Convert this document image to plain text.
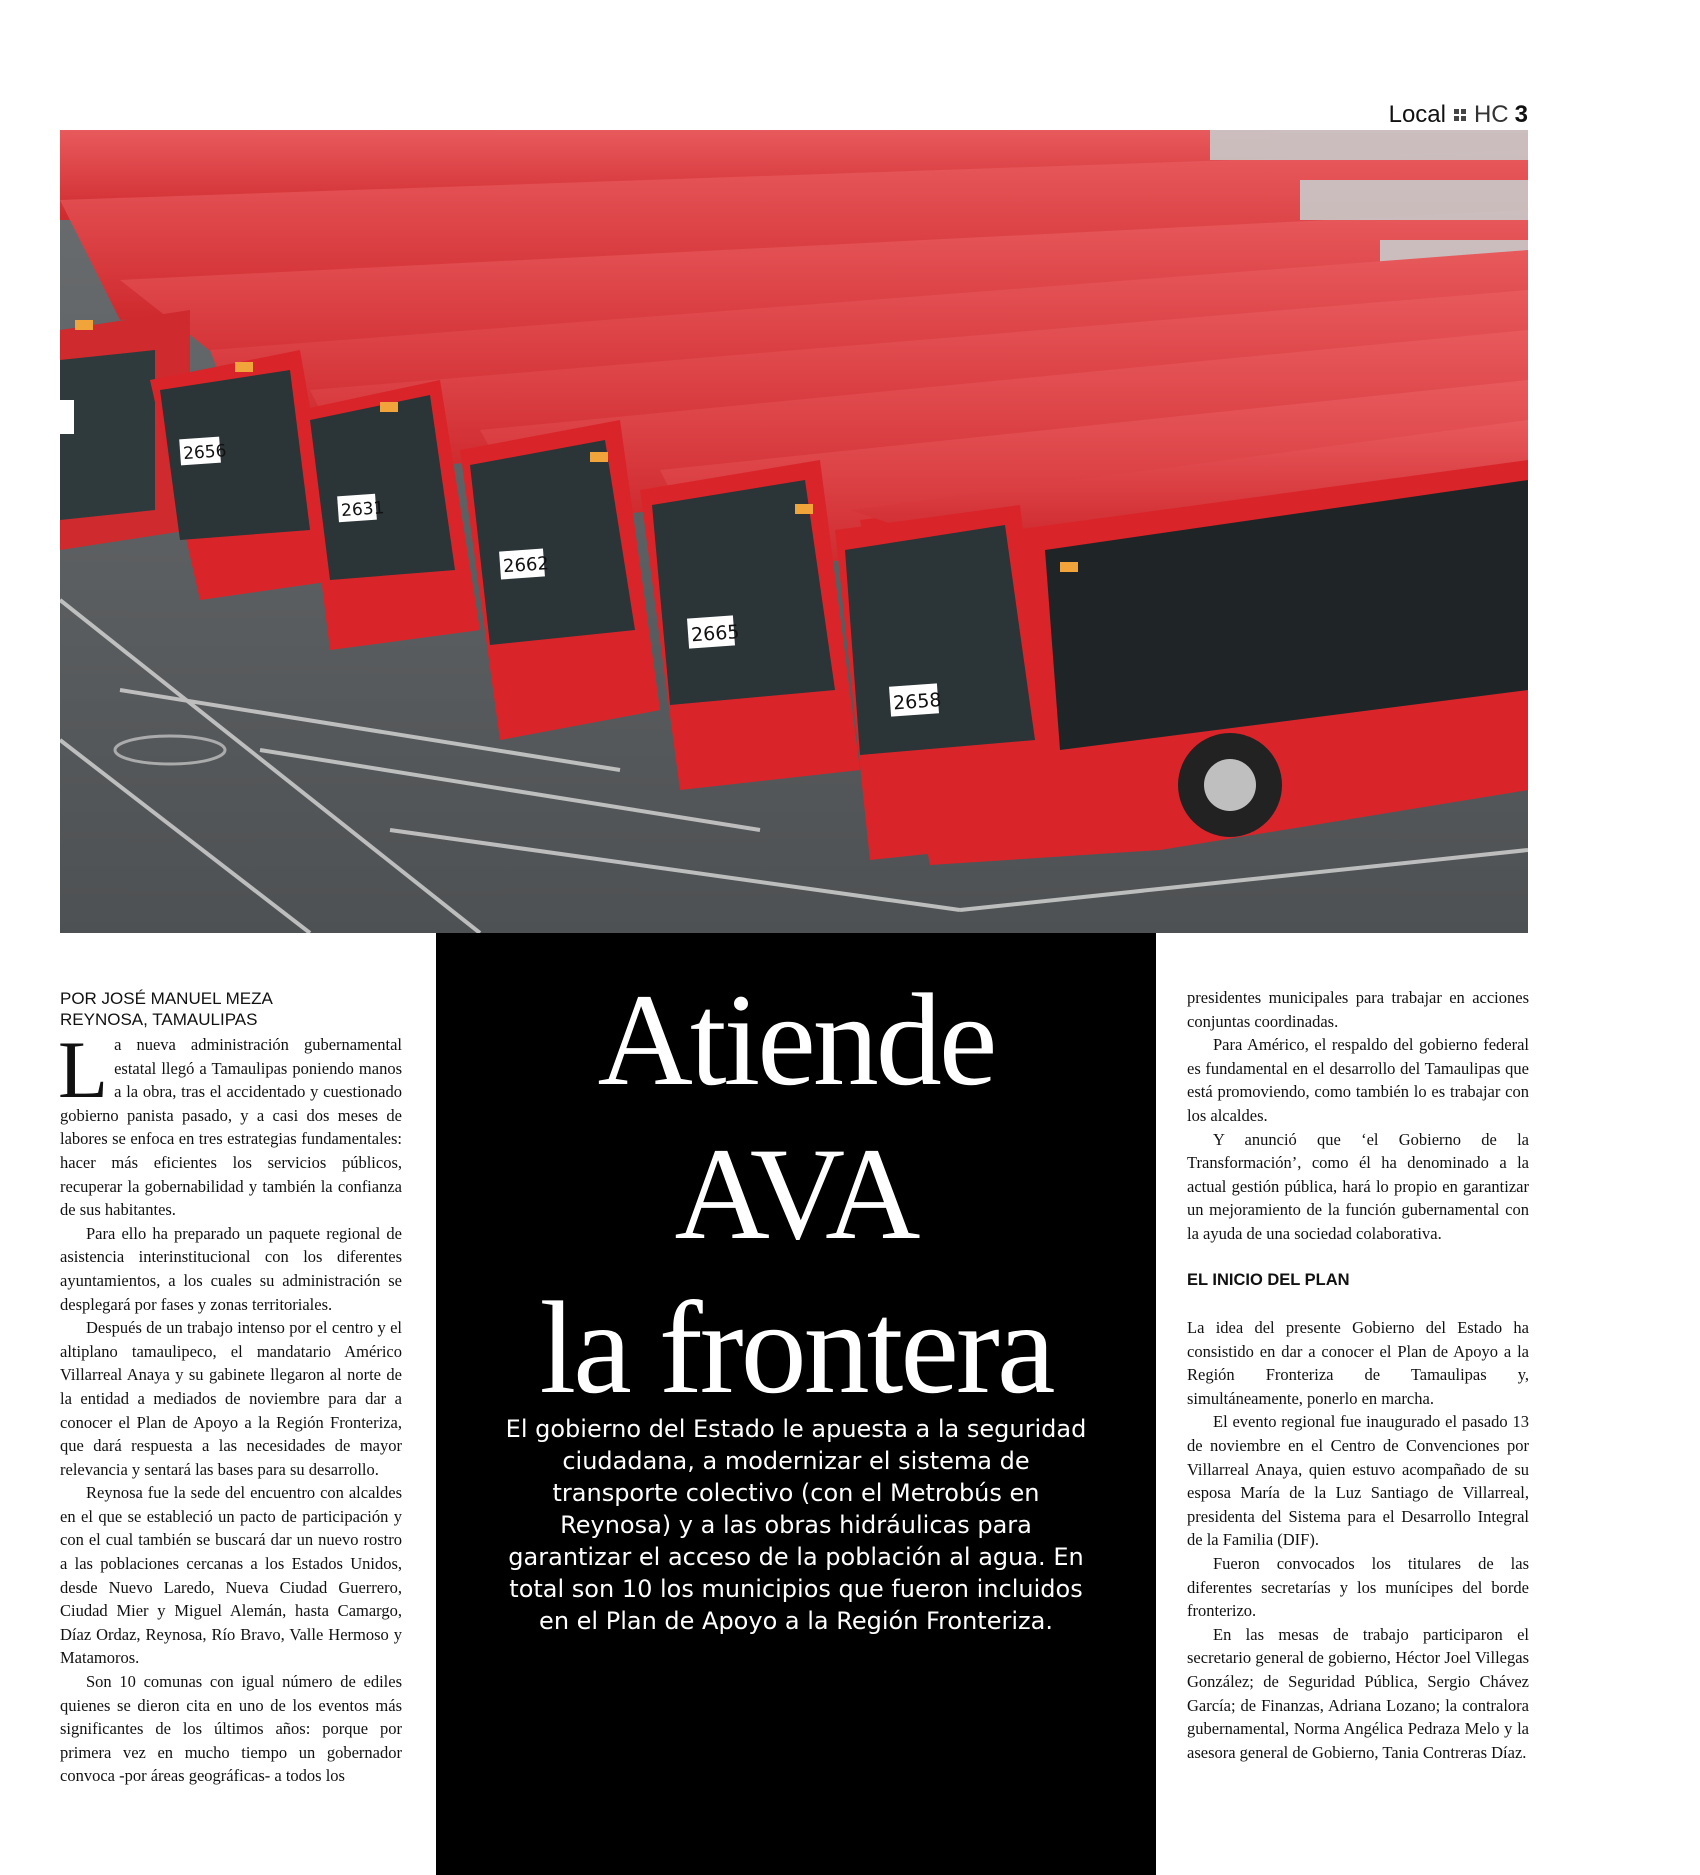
Local HC 3
2656
2631
2662
2665
2658
POR JOSÉ MANUEL MEZA
REYNOSA, TAMAULIPAS

La nueva administración gubernamental estatal llegó a Tamaulipas poniendo manos a la obra, tras el accidentado y cuestionado gobierno panista pasado, y a casi dos meses de labores se enfoca en tres estrategias fundamentales: hacer más eficientes los servicios públicos, recuperar la gobernabilidad y también la confianza de sus habitantes.

Para ello ha preparado un paquete regional de asistencia interinstitucional con los diferentes ayuntamientos, a los cuales su administración se desplegará por fases y zonas territoriales.

Después de un trabajo intenso por el centro y el altiplano tamaulipeco, el mandatario Américo Villarreal Anaya y su gabinete llegaron al norte de la entidad a mediados de noviembre para dar a conocer el Plan de Apoyo a la Región Fronteriza, que dará respuesta a las necesidades de mayor relevancia y sentará las bases para su desarrollo.

Reynosa fue la sede del encuentro con alcaldes en el que se estableció un pacto de participación y con el cual también se buscará dar un nuevo rostro a las poblaciones cercanas a los Estados Unidos, desde Nuevo Laredo, Nueva Ciudad Guerrero, Ciudad Mier y Miguel Alemán, hasta Camargo, Díaz Ordaz, Reynosa, Río Bravo, Valle Hermoso y Matamoros.

Son 10 comunas con igual número de ediles quienes se dieron cita en uno de los eventos más significantes de los últimos años: porque por primera vez en mucho tiempo un gobernador convoca -por áreas geográficas- a todos los

Atiende
AVA
la frontera
El gobierno del Estado le apuesta a la seguridad ciudadana, a modernizar el sistema de transporte colectivo (con el Metrobús en Reynosa) y a las obras hidráulicas para garantizar el acceso de la población al agua. En total son 10 los municipios que fueron incluidos en el Plan de Apoyo a la Región Fronteriza.

presidentes municipales para trabajar en acciones conjuntas coordinadas.

Para Américo, el respaldo del gobierno federal es fundamental en el desarrollo del Tamaulipas que está promoviendo, como también lo es trabajar con los alcaldes.

Y anunció que ‘el Gobierno de la Transformación’, como él ha denominado a la actual gestión pública, hará lo propio en garantizar un mejoramiento de la función gubernamental con la ayuda de una sociedad colaborativa.

EL INICIO DEL PLAN

La idea del presente Gobierno del Estado ha consistido en dar a conocer el Plan de Apoyo a la Región Fronteriza de Tamaulipas y, simultáneamente, ponerlo en marcha.

El evento regional fue inaugurado el pasado 13 de noviembre en el Centro de Convenciones por Villarreal Anaya, quien estuvo acompañado de su esposa María de la Luz Santiago de Villarreal, presidenta del Sistema para el Desarrollo Integral de la Familia (DIF).

Fueron convocados los titulares de las diferentes secretarías y los munícipes del borde fronterizo.

En las mesas de trabajo participaron el secretario general de gobierno, Héctor Joel Villegas González; de Seguridad Pública, Sergio Chávez García; de Finanzas, Adriana Lozano; la contralora gubernamental, Norma Angélica Pedraza Melo y la asesora general de Gobierno, Tania Contreras Díaz.
